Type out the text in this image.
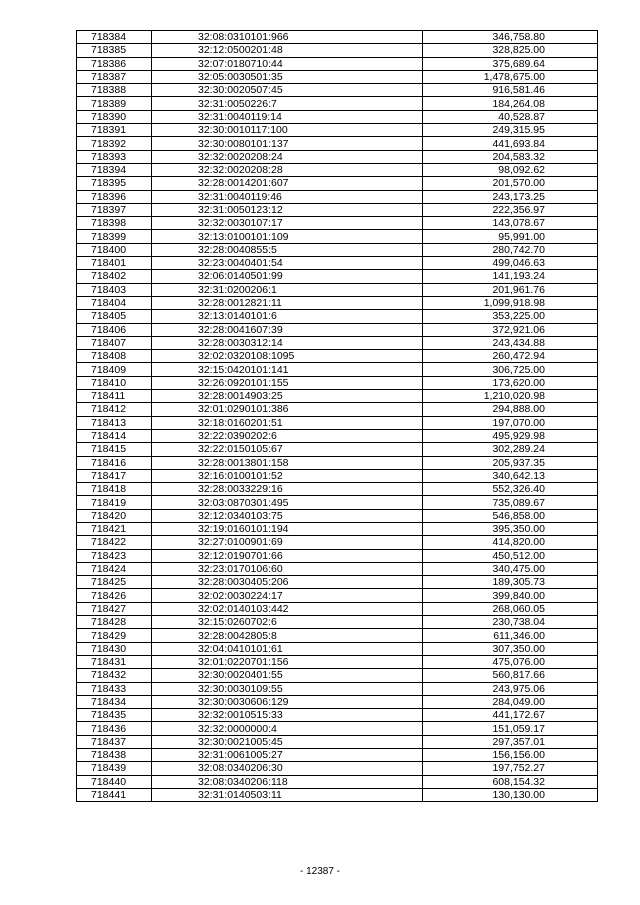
718384	32:08:0310101:966	346,758.80
718385	32:12:0500201:48	328,825.00
718386	32:07:0180710:44	375,689.64
718387	32:05:0030501:35	1,478,675.00
718388	32:30:0020507:45	916,581.46
718389	32:31:0050226:7	184,264.08
718390	32:31:0040119:14	40,528.87
718391	32:30:0010117:100	249,315.95
718392	32:30:0080101:137	441,693.84
718393	32:32:0020208:24	204,583.32
718394	32:32:0020208:28	98,092.62
718395	32:28:0014201:607	201,570.00
718396	32:31:0040119:46	243,173.25
718397	32:31:0050123:12	222,356.97
718398	32:32:0030107:17	143,078.67
718399	32:13:0100101:109	95,991.00
718400	32:28:0040855:5	280,742.70
718401	32:23:0040401:54	499,046.63
718402	32:06:0140501:99	141,193.24
718403	32:31:0200206:1	201,961.76
718404	32:28:0012821:11	1,099,918.98
718405	32:13:0140101:6	353,225.00
718406	32:28:0041607:39	372,921.06
718407	32:28:0030312:14	243,434.88
718408	32:02:0320108:1095	260,472.94
718409	32:15:0420101:141	306,725.00
718410	32:26:0920101:155	173,620.00
718411	32:28:0014903:25	1,210,020.98
718412	32:01:0290101:386	294,888.00
718413	32:18:0160201:51	197,070.00
718414	32:22:0390202:6	495,929.98
718415	32:22:0150105:67	302,289.24
718416	32:28:0013801:158	205,937.35
718417	32:16:0100101:52	340,642.13
718418	32:28:0033229:16	552,326.40
718419	32:03:0870301:495	735,089.67
718420	32:12:0340103:75	546,858.00
718421	32:19:0160101:194	395,350.00
718422	32:27:0100901:69	414,820.00
718423	32:12:0190701:66	450,512.00
718424	32:23:0170106:60	340,475.00
718425	32:28:0030405:206	189,305.73
718426	32:02:0030224:17	399,840.00
718427	32:02:0140103:442	268,060.05
718428	32:15:0260702:6	230,738.04
718429	32:28:0042805:8	611,346.00
718430	32:04:0410101:61	307,350.00
718431	32:01:0220701:156	475,076.00
718432	32:30:0020401:55	560,817.66
718433	32:30:0030109:55	243,975.06
718434	32:30:0030606:129	284,049.00
718435	32:32:0010515:33	441,172.67
718436	32:32:0000000:4	151,059.17
718437	32:30:0021005:45	297,357.01
718438	32:31:0061005:27	156,156.00
718439	32:08:0340206:30	197,752.27
718440	32:08:0340206:118	608,154.32
718441	32:31:0140503:11	130,130.00
- 12387 -
